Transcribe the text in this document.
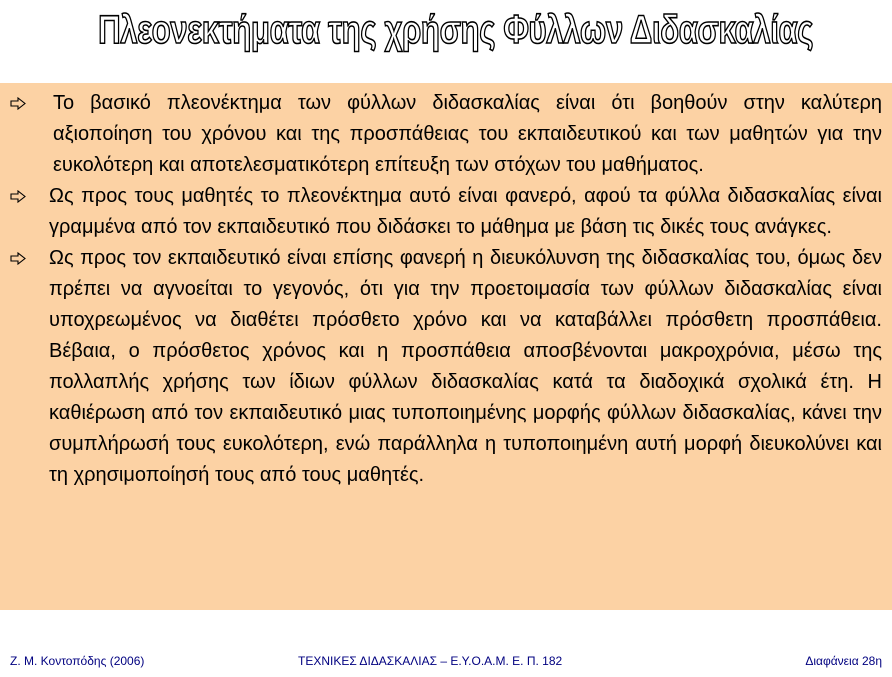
Πλεονεκτήματα της χρήσης Φύλλων Διδασκαλίας
Το βασικό πλεονέκτημα των φύλλων διδασκαλίας είναι ότι βοηθούν στην καλύτερη αξιοποίηση του χρόνου και της προσπάθειας του εκπαιδευτικού και των μαθητών για την ευκολότερη και αποτελεσματικότερη επίτευξη των στόχων του μαθήματος.
Ως προς τους μαθητές το πλεονέκτημα αυτό είναι φανερό, αφού τα φύλλα διδασκαλίας είναι γραμμένα από τον εκπαιδευτικό που διδάσκει το μάθημα με βάση τις δικές τους ανάγκες.
Ως προς τον εκπαιδευτικό είναι επίσης φανερή η διευκόλυνση της διδασκαλίας του, όμως δεν πρέπει να αγνοείται το γεγονός, ότι για την προετοιμασία των φύλλων διδασκαλίας είναι υποχρεωμένος να διαθέτει πρόσθετο χρόνο και να καταβάλλει πρόσθετη προσπάθεια. Βέβαια, ο πρόσθετος χρόνος και η προσπάθεια αποσβένονται μακροχρόνια, μέσω της πολλαπλής χρήσης των ίδιων φύλλων διδασκαλίας κατά τα διαδοχικά σχολικά έτη. Η καθιέρωση από τον εκπαιδευτικό μιας τυποποιημένης μορφής φύλλων διδασκαλίας, κάνει την συμπλήρωσή τους ευκολότερη, ενώ παράλληλα η τυποποιημένη αυτή μορφή διευκολύνει και τη χρησιμοποίησή τους από τους μαθητές.
Ζ. Μ. Κοντοπόδης (2006)	ΤΕΧΝΙΚΕΣ ΔΙΔΑΣΚΑΛΙΑΣ – Ε.Υ.Ο.Α.Μ. Ε. Π. 182	Διαφάνεια 28η
